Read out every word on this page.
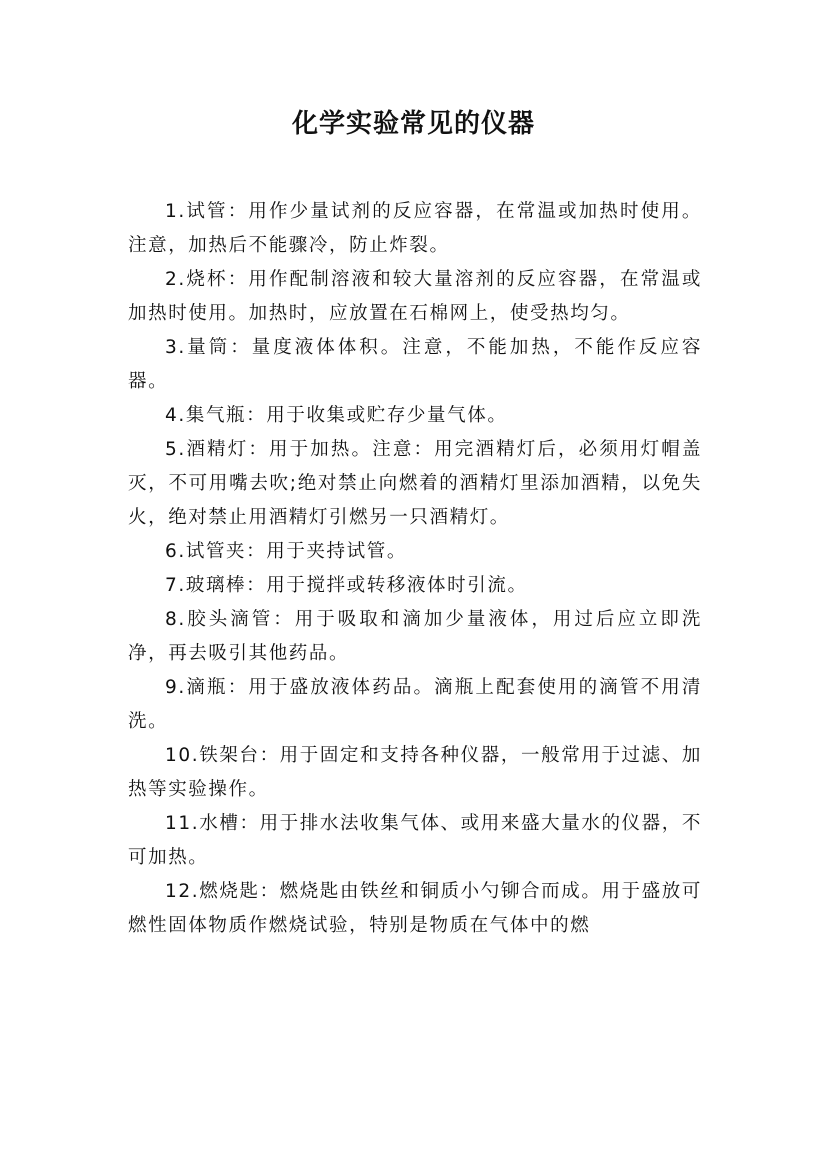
化学实验常见的仪器

1.试管：用作少量试剂的反应容器，在常温或加热时使用。注意，加热后不能骤冷，防止炸裂。

2.烧杯：用作配制溶液和较大量溶剂的反应容器，在常温或加热时使用。加热时，应放置在石棉网上，使受热均匀。

3.量筒：量度液体体积。注意，不能加热，不能作反应容器。

4.集气瓶：用于收集或贮存少量气体。

5.酒精灯：用于加热。注意：用完酒精灯后，必须用灯帽盖灭，不可用嘴去吹;绝对禁止向燃着的酒精灯里添加酒精，以免失火，绝对禁止用酒精灯引燃另一只酒精灯。

6.试管夹：用于夹持试管。

7.玻璃棒：用于搅拌或转移液体时引流。

8.胶头滴管：用于吸取和滴加少量液体，用过后应立即洗净，再去吸引其他药品。

9.滴瓶：用于盛放液体药品。滴瓶上配套使用的滴管不用清洗。

10.铁架台：用于固定和支持各种仪器，一般常用于过滤、加热等实验操作。

11.水槽：用于排水法收集气体、或用来盛大量水的仪器，不可加热。

12.燃烧匙：燃烧匙由铁丝和铜质小勺铆合而成。用于盛放可燃性固体物质作燃烧试验，特别是物质在气体中的燃
